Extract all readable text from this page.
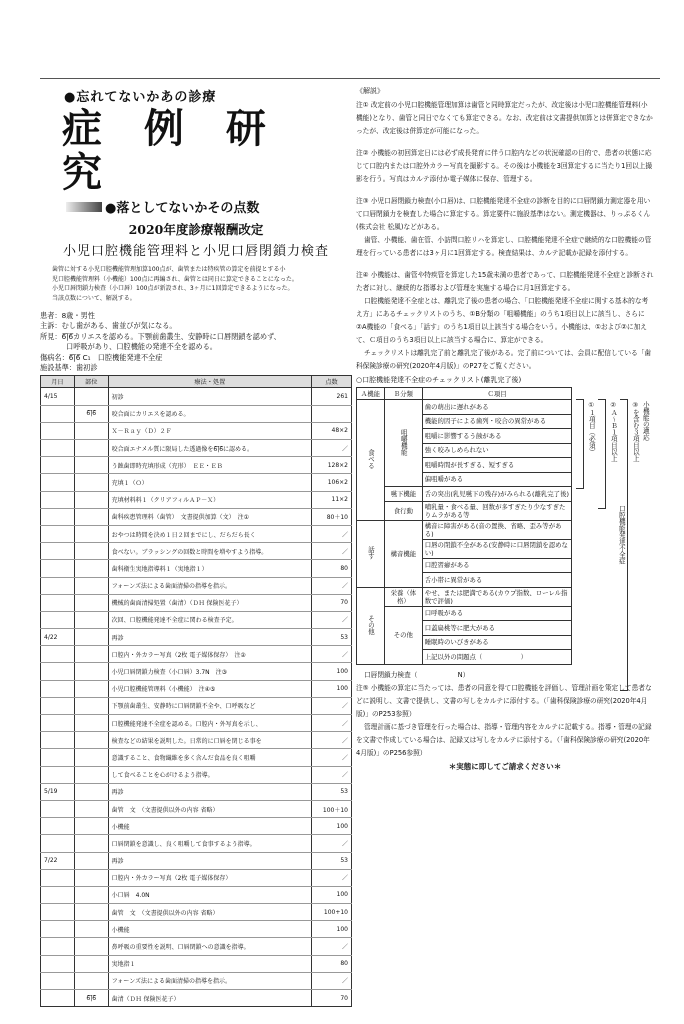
●忘れてないかあの診療
症 例 研 究
●落としてないかその点数
2020年度診療報酬改定
小児口腔機能管理料と小児口唇閉鎖力検査
歯管に対する小児口腔機能管理加算100点が、歯管または特疾管の算定を前提とする小
児口腔機能管理料（小機能）100点に再編され、歯管とは同日に算定できることになった。
小児口唇閉鎖力検査（小口唇）100点が新設され、3ヶ月に1回算定できるようになった。
当該点数について、解説する。
患者：8歳・男性
主訴：むし歯がある、歯並びが気になる。
所見：6̅|̅6̅カリエスを認める。下顎前歯叢生、安静時に口唇閉鎖を認めず、
口呼吸があり、口腔機能の発達不全を認める。
傷病名：6̅|̅6̅ C₁　口腔機能発達不全症
施設基準：歯初診
月日	部位	療法・処置	点数
4/15		初診	261
	6̅|̅6̅	咬合面にカリエスを認める。	
		Ｘ－Ｒａｙ（Ｄ）２Ｆ	48×2
		咬合面エナメル質に限局した透過像を6̅|̅6̅に認める。	／
		う蝕歯即時充填形成（充形）　ＥＥ・ＥＢ	128×2
		充填１（Ｏ）	106×2
		充填材料料１（クリアフィルＡＰ－Ｘ）	11×2
		歯科疾患管理料（歯管）　文書提供加算（文）　注①	80＋10
		おやつは時間を決め１日２回までにし、だらだら長く	／
		食べない。ブラッシングの回数と時間を増やすよう指導。	／
		歯科衛生実地指導料１（実地指１）	80
		フォーンズ法による歯面清掃の指導を指示。	／
		機械的歯面清掃処置（歯清）（ＤＨ 保険医花子）	70
		次回、口腔機能発達不全症に関わる検査予定。	／
4/22		再診	53
		口腔内・外カラー写真（2枚 電子媒体保存）　注②	／
		小児口唇閉鎖力検査（小口唇）3.7N　注③	100
		小児口腔機能管理料（小機能）　注④⑤	100
		下顎前歯叢生、安静時に口唇閉鎖不全や、口呼吸など	／
		口腔機能発達不全症を認める。口腔内・外写真を示し、	／
		検査などの結果を説明した。日常的に口唇を閉じる事を	／
		意識すること、食物繊維を多く含んだ食品を良く咀嚼	／
		して食べることを心がけるよう指導。	／
5/19		再診	53
		歯管　文　（文書提供以外の内容 省略）	100＋10
		小機能	100
		口唇閉鎖を意識し、良く咀嚼して食事するよう指導。	／
7/22		再診	53
		口腔内・外カラー写真（2枚 電子媒体保存）	／
		小口唇　4.0N	100
		歯管　文　（文書提供以外の内容 省略）	100+10
		小機能	100
		鼻呼吸の重要性を説明、口唇閉鎖への意識を指導。	／
		実地指１	80
		フォーンズ法による歯面清掃の指導を指示。	／
	6̅|̅6̅	歯清（ＤＨ 保険医花子）	70
《解説》
注① 改定前の小児口腔機能管理加算は歯管と同時算定だったが、改定後は小児口腔機能管理料(小機能)となり、歯管と同日でなくても算定できる。なお、改定前は文書提供加算とは併算定できなかったが、改定後は併算定が可能になった。
注② 小機能の初回算定日には必ず成長発育に伴う口腔内などの状況確認の目的で、患者の状態に応じて口腔内または口腔外カラー写真を撮影する。その後は小機能を3回算定するに当たり1回以上撮影を行う。写真はカルテ添付か電子媒体に保存、管理する。
注③ 小児口唇閉鎖力検査(小口唇)は、口腔機能発達不全症の診断を目的に口唇閉鎖力測定器を用いて口唇閉鎖力を検査した場合に算定する。算定要件に施設基準はない。測定機器は、りっぷるくん(株式会社 松風)などがある。
歯管、小機能、歯在管、小訪問口腔リハを算定し、口腔機能発達不全症で継続的な口腔機能の管理を行っている患者には3ヶ月に1回算定する。検査結果は、カルテ記載か記録を添付する。
注④ 小機能は、歯管や特疾管を算定した15歳未満の患者であって、口腔機能発達不全症と診断された者に対し、継続的な指導および管理を実施する場合に月1回算定する。
口腔機能発達不全症とは、離乳完了後の患者の場合、「口腔機能発達不全症に関する基本的な考え方」にあるチェックリストのうち、①B分類の「咀嚼機能」のうち1項目以上に該当し、さらに②A機能の「食べる」「話す」のうち1項目以上該当する場合をいう。小機能は、①および②に加えて、Ｃ項目のうち3項目以上に該当する場合に、算定ができる。
チェックリストは離乳完了前と離乳完了後がある。完了前については、会員に配信している「歯科保険診療の研究(2020年4月版)」のP27をご覧ください。
○口腔機能発達不全症のチェックリスト(離乳完了後)
Ａ機能	Ｂ分類	Ｃ項目
食べる	咀嚼機能	歯の萌出に遅れがある
		機能的因子による歯列・咬合の異常がある
		咀嚼に影響するう蝕がある
		強く咬みしめられない
		咀嚼時間が長すぎる、短すぎる
		偏咀嚼がある
	嚥下機能	舌の突出(乳児嚥下の残存)がみられる(離乳完了後)
	食行動	哺乳量・食べる量、回数が多すぎたり少なすぎたりムラがある等
話す	構音機能	構音に障害がある(音の置換、省略、歪み等がある)
		口唇の閉鎖不全がある(安静時に口唇閉鎖を認めない)
		口腔習癖がある
		舌小帯に異常がある
その他	栄養（体格）	やせ、または肥満である(カウプ指数、ローレル指数で評価)
	その他	口呼吸がある
		口蓋扁桃等に肥大がある
		睡眠時のいびきがある
		上記以外の問題点（　　　　　　）
①１項目（必須） ②Ａ～Ｂ１項目以上 ③を含む３項目以上
口腔機能発達不全症
小機能の適応
口唇閉鎖力検査（　　　　　　N）
注⑤ 小機能の算定に当たっては、患者の同意を得て口腔機能を評価し、管理計画を策定して患者などに説明し、文書で提供し、文書の写しをカルテに添付する。（「歯科保険診療の研究(2020年4月版)」のP253参照）
管理計画に基づき管理を行った場合は、指導・管理内容をカルテに記載する。指導・管理の記録を文書で作成している場合は、記録又は写しをカルテに添付する。（「歯科保険診療の研究(2020年4月版)」のP256参照）
＊実態に即してご請求ください＊
